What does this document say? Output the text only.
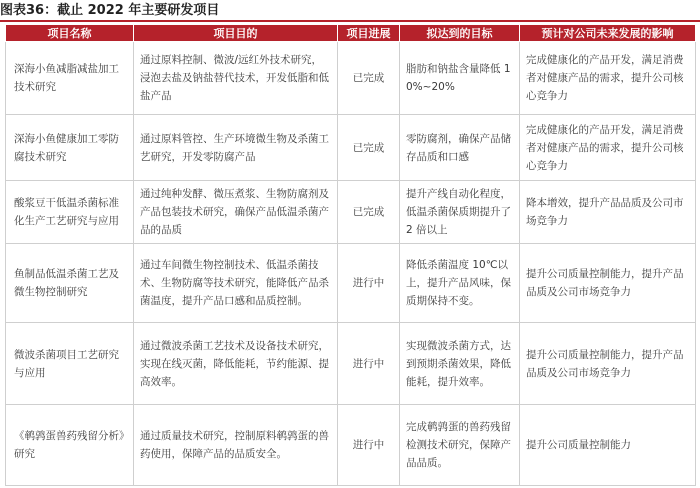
图表36：截止 2022 年主要研发项目
项目名称	项目目的	项目进展	拟达到的目标	预计对公司未来发展的影响
深海小鱼减脂减盐加工技术研究	通过原料控制、微波/远红外技术研究，浸泡去盐及钠盐替代技术，开发低脂和低盐产品	已完成	脂肪和钠盐含量降低 10%~20%	完成健康化的产品开发，满足消费者对健康产品的需求，提升公司核心竞争力
深海小鱼健康加工零防腐技术研究	通过原料管控、生产环境微生物及杀菌工艺研究，开发零防腐产品	已完成	零防腐剂，确保产品储存品质和口感	完成健康化的产品开发，满足消费者对健康产品的需求，提升公司核心竞争力
酸浆豆干低温杀菌标准化生产工艺研究与应用	通过纯种发酵、微压煮浆、生物防腐剂及产品包装技术研究，确保产品低温杀菌产品的品质	已完成	提升产线自动化程度，低温杀菌保质期提升了 2 倍以上	降本增效，提升产品品质及公司市场竞争力
鱼制品低温杀菌工艺及微生物控制研究	通过车间微生物控制技术、低温杀菌技术、生物防腐等技术研究，能降低产品杀菌温度，提升产品口感和品质控制。	进行中	降低杀菌温度 10℃以上，提升产品风味，保质期保持不变。	提升公司质量控制能力，提升产品品质及公司市场竞争力
微波杀菌项目工艺研究与应用	通过微波杀菌工艺技术及设备技术研究，实现在线灭菌，降低能耗，节约能源、提高效率。	进行中	实现微波杀菌方式，达到预期杀菌效果，降低能耗，提升效率。	提升公司质量控制能力，提升产品品质及公司市场竞争力
《鹌鹑蛋兽药残留分析》研究	通过质量技术研究，控制原料鹌鹑蛋的兽药使用，保障产品的品质安全。	进行中	完成鹌鹑蛋的兽药残留检测技术研究，保障产品品质。	提升公司质量控制能力
